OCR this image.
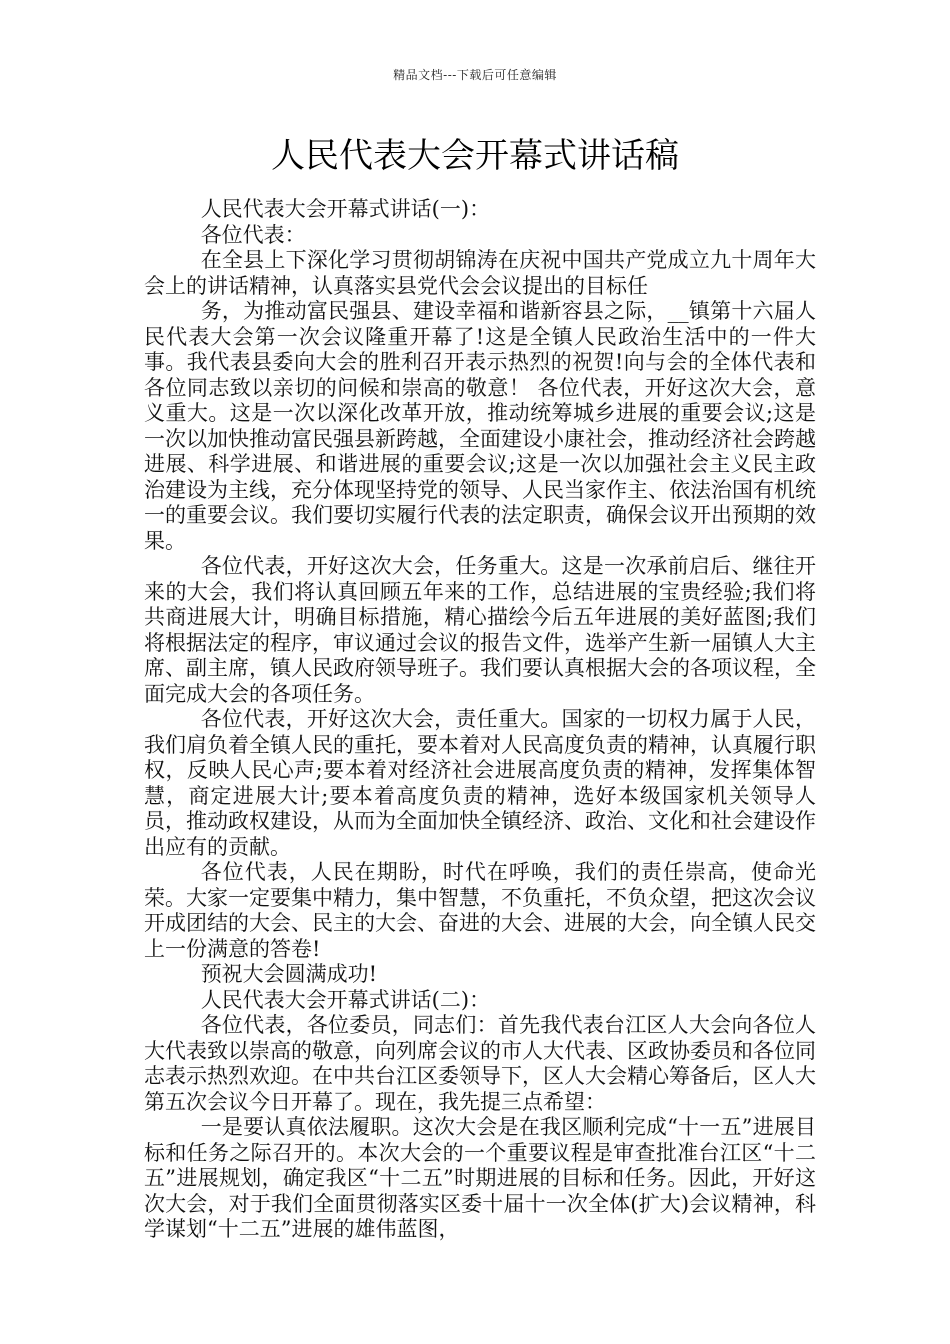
精品文档---下载后可任意编辑
人民代表大会开幕式讲话稿

人民代表大会开幕式讲话(一)：

各位代表：

在全县上下深化学习贯彻胡锦涛在庆祝中国共产党成立九十周年大会上的讲话精神，认真落实县党代会会议提出的目标任

务，为推动富民强县、建设幸福和谐新容县之际，__镇第十六届人民代表大会第一次会议隆重开幕了!这是全镇人民政治生活中的一件大事。我代表县委向大会的胜利召开表示热烈的祝贺!向与会的全体代表和各位同志致以亲切的问候和崇高的敬意！ 各位代表，开好这次大会，意义重大。这是一次以深化改革开放，推动统筹城乡进展的重要会议;这是一次以加快推动富民强县新跨越，全面建设小康社会，推动经济社会跨越进展、科学进展、和谐进展的重要会议;这是一次以加强社会主义民主政治建设为主线，充分体现坚持党的领导、人民当家作主、依法治国有机统一的重要会议。我们要切实履行代表的法定职责，确保会议开出预期的效果。

各位代表，开好这次大会，任务重大。这是一次承前启后、继往开来的大会，我们将认真回顾五年来的工作，总结进展的宝贵经验;我们将共商进展大计，明确目标措施，精心描绘今后五年进展的美好蓝图;我们将根据法定的程序，审议通过会议的报告文件，选举产生新一届镇人大主席、副主席，镇人民政府领导班子。我们要认真根据大会的各项议程，全面完成大会的各项任务。

各位代表，开好这次大会，责任重大。国家的一切权力属于人民，我们肩负着全镇人民的重托，要本着对人民高度负责的精神，认真履行职权，反映人民心声;要本着对经济社会进展高度负责的精神，发挥集体智慧，商定进展大计;要本着高度负责的精神，选好本级国家机关领导人员，推动政权建设，从而为全面加快全镇经济、政治、文化和社会建设作出应有的贡献。

各位代表，人民在期盼，时代在呼唤，我们的责任崇高，使命光荣。大家一定要集中精力，集中智慧，不负重托，不负众望，把这次会议开成团结的大会、民主的大会、奋进的大会、进展的大会，向全镇人民交上一份满意的答卷!

预祝大会圆满成功!

人民代表大会开幕式讲话(二)：

各位代表，各位委员，同志们：首先我代表台江区人大会向各位人大代表致以崇高的敬意，向列席会议的市人大代表、区政协委员和各位同志表示热烈欢迎。在中共台江区委领导下，区人大会精心筹备后，区人大第五次会议今日开幕了。现在，我先提三点希望：

一是要认真依法履职。这次大会是在我区顺利完成“十一五”进展目标和任务之际召开的。本次大会的一个重要议程是审查批准台江区“十二五”进展规划，确定我区“十二五”时期进展的目标和任务。因此，开好这次大会，对于我们全面贯彻落实区委十届十一次全体(扩大)会议精神，科学谋划“十二五”进展的雄伟蓝图，
